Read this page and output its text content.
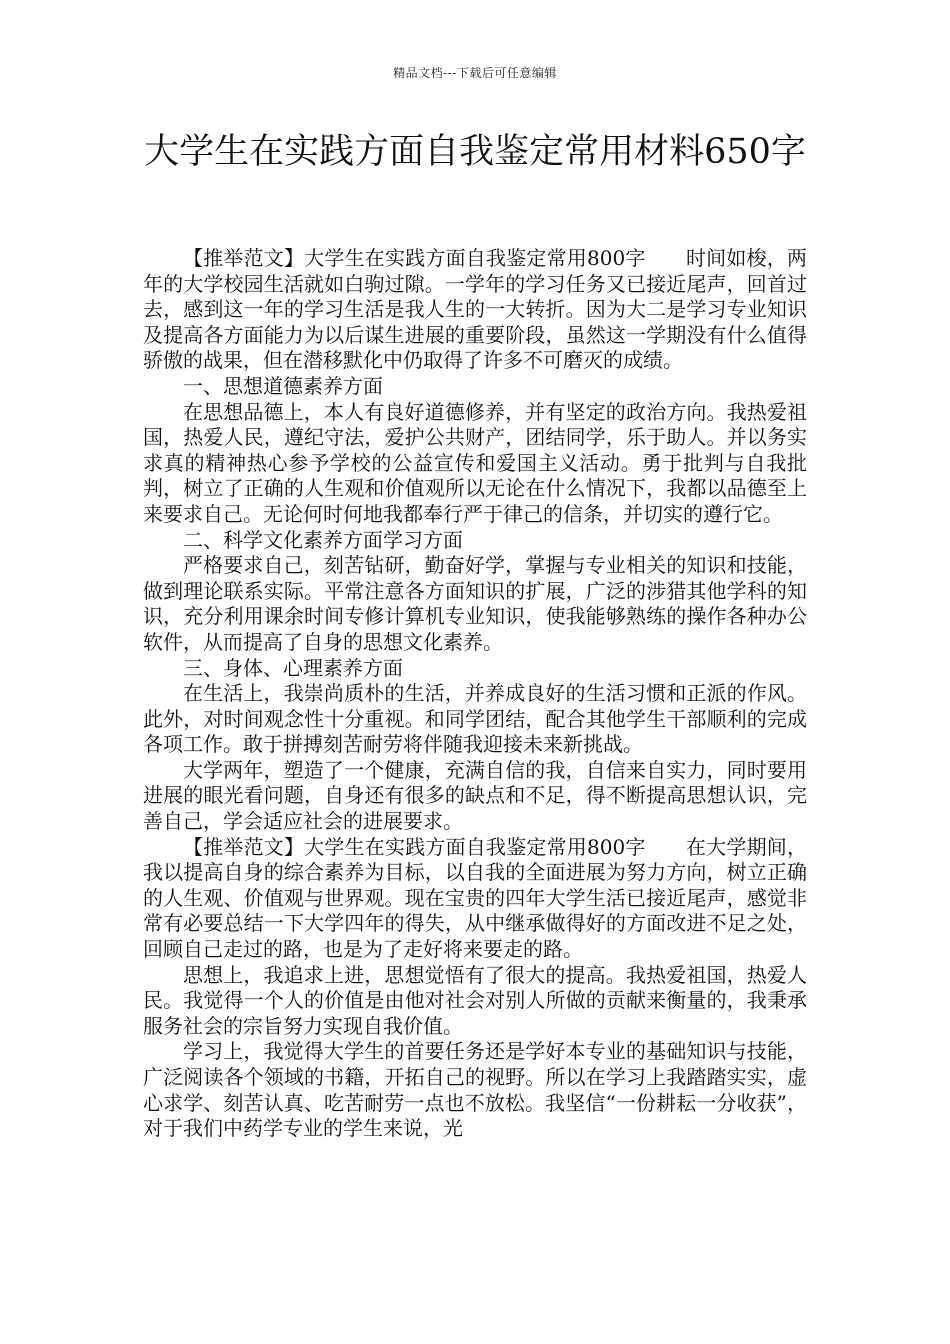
精品文档---下载后可任意编辑
大学生在实践方面自我鉴定常用材料650字

【推举范文】大学生在实践方面自我鉴定常用800字　　时间如梭，两年的大学校园生活就如白驹过隙。一学年的学习任务又已接近尾声，回首过去，感到这一年的学习生活是我人生的一大转折。因为大二是学习专业知识及提高各方面能力为以后谋生进展的重要阶段，虽然这一学期没有什么值得骄傲的战果，但在潜移默化中仍取得了许多不可磨灭的成绩。

一、思想道德素养方面

在思想品德上，本人有良好道德修养，并有坚定的政治方向。我热爱祖国，热爱人民，遵纪守法，爱护公共财产，团结同学，乐于助人。并以务实求真的精神热心参予学校的公益宣传和爱国主义活动。勇于批判与自我批判，树立了正确的人生观和价值观所以无论在什么情况下，我都以品德至上来要求自己。无论何时何地我都奉行严于律己的信条，并切实的遵行它。

二、科学文化素养方面学习方面

严格要求自己，刻苦钻研，勤奋好学，掌握与专业相关的知识和技能，做到理论联系实际。平常注意各方面知识的扩展，广泛的涉猎其他学科的知识，充分利用课余时间专修计算机专业知识，使我能够熟练的操作各种办公软件，从而提高了自身的思想文化素养。

三、身体、心理素养方面

在生活上，我崇尚质朴的生活，并养成良好的生活习惯和正派的作风。此外，对时间观念性十分重视。和同学团结，配合其他学生干部顺利的完成各项工作。敢于拼搏刻苦耐劳将伴随我迎接未来新挑战。

大学两年，塑造了一个健康，充满自信的我，自信来自实力，同时要用进展的眼光看问题，自身还有很多的缺点和不足，得不断提高思想认识，完善自己，学会适应社会的进展要求。

【推举范文】大学生在实践方面自我鉴定常用800字　　在大学期间，我以提高自身的综合素养为目标，以自我的全面进展为努力方向，树立正确的人生观、价值观与世界观。现在宝贵的四年大学生活已接近尾声，感觉非常有必要总结一下大学四年的得失，从中继承做得好的方面改进不足之处，回顾自己走过的路，也是为了走好将来要走的路。

思想上，我追求上进，思想觉悟有了很大的提高。我热爱祖国，热爱人民。我觉得一个人的价值是由他对社会对别人所做的贡献来衡量的，我秉承服务社会的宗旨努力实现自我价值。

学习上，我觉得大学生的首要任务还是学好本专业的基础知识与技能，广泛阅读各个领域的书籍，开拓自己的视野。所以在学习上我踏踏实实，虚心求学、刻苦认真、吃苦耐劳一点也不放松。我坚信“一份耕耘一分收获”，对于我们中药学专业的学生来说，光
